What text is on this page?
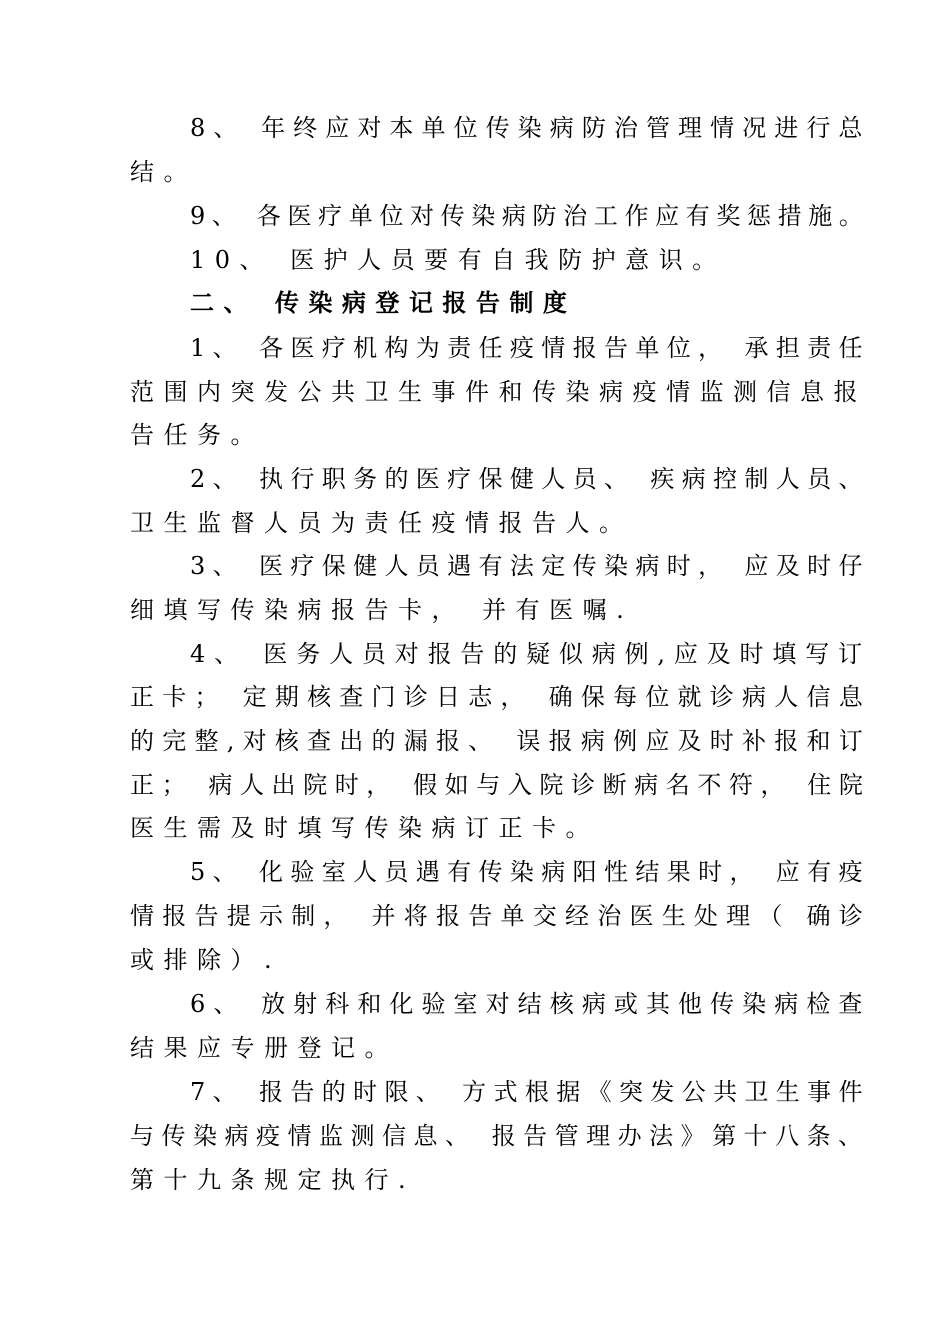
8、 年终应对本单位传染病防治管理情况进行总
结。
9、 各医疗单位对传染病防治工作应有奖惩措施。
10、 医护人员要有自我防护意识。
二、 传染病登记报告制度
1、 各医疗机构为责任疫情报告单位， 承担责任
范围内突发公共卫生事件和传染病疫情监测信息报
告任务。
2、 执行职务的医疗保健人员、 疾病控制人员、
卫生监督人员为责任疫情报告人。
3、 医疗保健人员遇有法定传染病时， 应及时仔
细填写传染病报告卡， 并有医嘱.
4、 医务人员对报告的疑似病例,应及时填写订
正卡； 定期核查门诊日志， 确保每位就诊病人信息
的完整,对核查出的漏报、 误报病例应及时补报和订
正； 病人出院时， 假如与入院诊断病名不符， 住院
医生需及时填写传染病订正卡。
5、 化验室人员遇有传染病阳性结果时， 应有疫
情报告提示制， 并将报告单交经治医生处理（ 确诊
或排除）.
6、 放射科和化验室对结核病或其他传染病检查
结果应专册登记。
7、 报告的时限、 方式根据《突发公共卫生事件
与传染病疫情监测信息、 报告管理办法》第十八条、
第十九条规定执行.
